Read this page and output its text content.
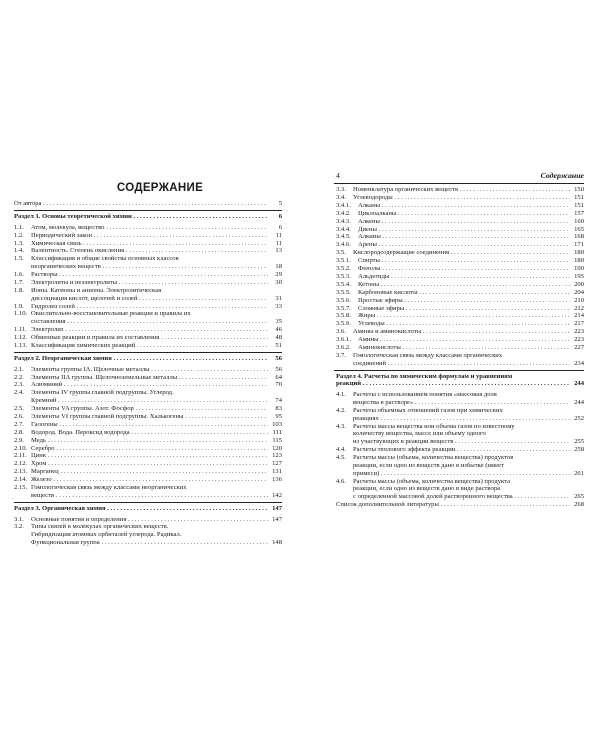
СОДЕРЖАНИЕ
От автора . . .	5
Раздел 1. Основы теоретической химии . . .	6
1.1. Атом, молекула, вещество . . .	6
1.2. Периодический закон . . .	11
1.3. Химическая связь . . .	11
1.4. Валентность. Степень окисления . . .	13
1.5. Классификация и общие свойства основных классов
неорганических веществ . . .	18
1.6. Растворы . . .	29
1.7. Электролиты и неэлектролиты . . .	30
1.8. Ионы. Катионы и анионы. Электролитическая
диссоциация кислот, щелочей и солей . . .	31
1.9. Гидролиз солей . . .	33
1.10. Окислительно-восстановительные реакции и правила их
составления . . .	35
1.11. Электролиз . . .	46
1.12. Обменные реакции и правила их составления . . .	48
1.13. Классификация химических реакций . . .	51
Раздел 2. Неорганическая химия . . .	56
2.1. Элементы группы IA. Щелочные металлы . . .	56
2.2. Элементы IIA группы. Щелочноземельные металлы . . .	64
2.3. Алюминий . . .	70
2.4. Элементы IV группы главной подгруппы. Углерод.
Кремний . . .	74
2.5. Элементы VA группы. Азот. Фосфор . . .	83
2.6. Элементы VI группы главной подгруппы. Халькогены . . .	95
2.7. Галогены . . .	103
2.8. Водород. Вода. Пероксид водорода . . .	111
2.9. Медь . . .	115
2.10. Серебро . . .	120
2.11. Цинк . . .	123
2.12. Хром . . .	127
2.13. Марганец . . .	131
2.14. Железо . . .	136
2.15. Гомологическая связь между классами неорганических
веществ . . .	142
Раздел 3. Органическая химия . . .	147
3.1. Основные понятия и определения . . .	147
3.2. Типы связей в молекулах органических веществ.
Гибридизация атомных орбиталей углерода. Радикал.
Функциональная группа . . .	148
3.3. Номенклатура органических веществ . . .	150
3.4. Углеводороды . . .	151
3.4.1. Алканы . . .	151
3.4.2. Циклоалканы . . .	157
3.4.3. Алкены . . .	160
3.4.4. Диены . . .	165
3.4.5. Алкины . . .	168
3.4.6. Арены . . .	171
3.5. Кислородсодержащие соединения . . .	180
3.5.1. Спирты . . .	180
3.5.2. Фенолы . . .	190
3.5.3. Альдегиды . . .	195
3.5.4. Кетоны . . .	200
3.5.5. Карбоновые кислоты . . .	204
3.5.6. Простые эфиры . . .	210
3.5.7. Сложные эфиры . . .	212
3.5.8. Жиры . . .	214
3.5.9. Углеводы . . .	217
3.6. Амины и аминокислоты . . .	223
3.6.1. Амины . . .	223
3.6.2. Аминокислоты . . .	227
3.7. Гомологическая связь между классами органических
соединений . . .	234
Раздел 4. Расчеты по химическим формулам и уравнениям
реакций . . .	244
4.1. Расчеты с использованием понятия «массовая доля
вещества в растворе» . . .	244
4.2. Расчеты объемных отношений газов при химических
реакциях . . .	252
4.3. Расчеты массы вещества или объема газов по известному
количеству вещества, массе или объему одного
из участвующих в реакции веществ . . .	255
4.4. Расчеты теплового эффекта реакции . . .	258
4.5. Расчеты массы (объема, количества вещества) продуктов
реакции, если одно из веществ дано в избытке (имеет
примеси) . . .	261
4.6. Расчеты массы (объема, количества вещества) продукта
реакции, если одно из веществ дано в виде раствора
с определенной массовой долей растворенного вещества . . .	265
Список дополнительной литературы . . .	268
4	Содержание
